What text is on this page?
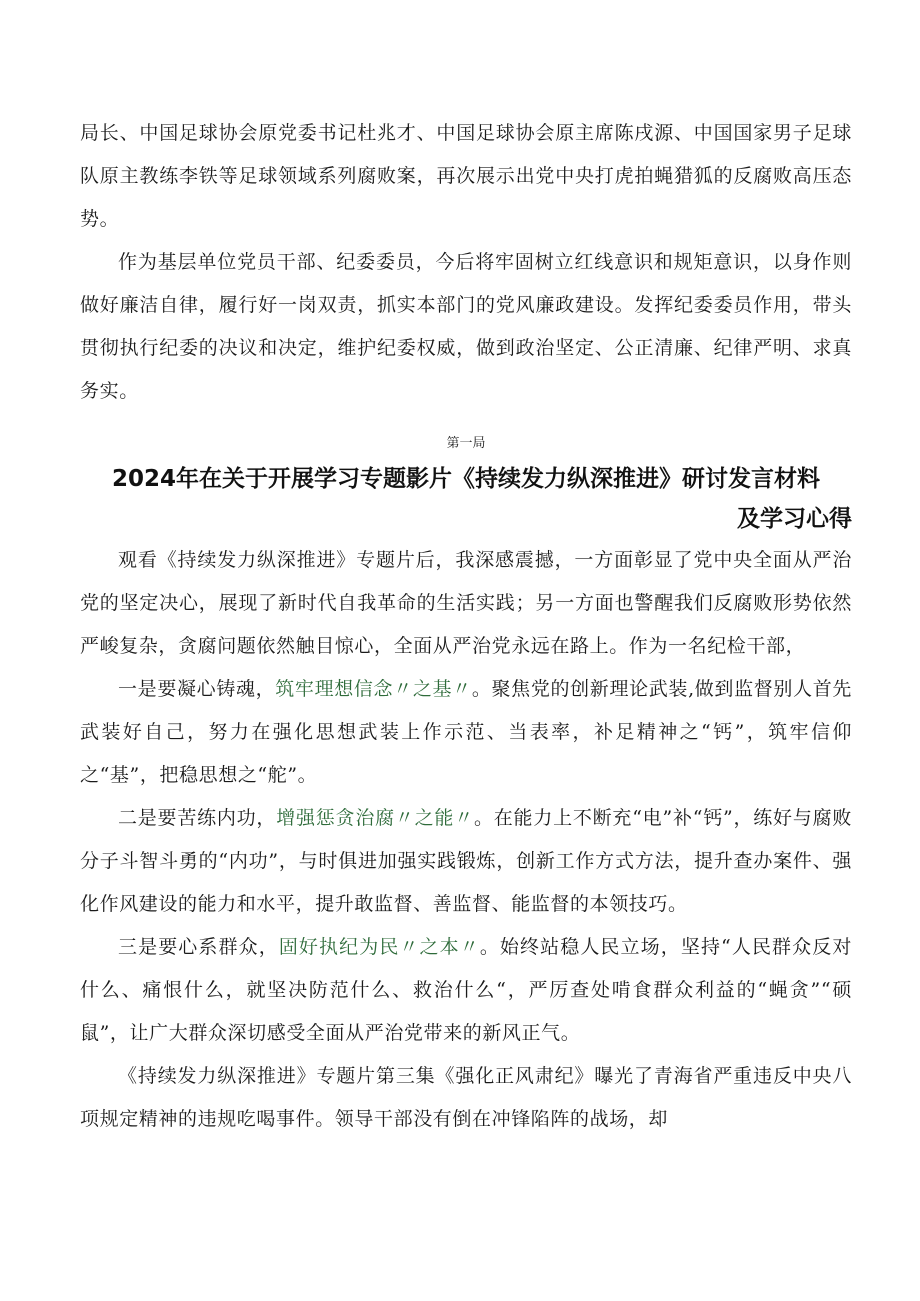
局长、中国足球协会原党委书记杜兆才、中国足球协会原主席陈戌源、中国国家男子足球队原主教练李铁等足球领域系列腐败案，再次展示出党中央打虎拍蝇猎狐的反腐败高压态势。

作为基层单位党员干部、纪委委员，今后将牢固树立红线意识和规矩意识，以身作则做好廉洁自律，履行好一岗双责，抓实本部门的党风廉政建设。发挥纪委委员作用，带头贯彻执行纪委的决议和决定，维护纪委权威，做到政治坚定、公正清廉、纪律严明、求真务实。

第一局
2024年在关于开展学习专题影片《持续发力纵深推进》研讨发言材料
及学习心得

观看《持续发力纵深推进》专题片后，我深感震撼，一方面彰显了党中央全面从严治党的坚定决心，展现了新时代自我革命的生活实践；另一方面也警醒我们反腐败形势依然严峻复杂，贪腐问题依然触目惊心，全面从严治党永远在路上。作为一名纪检干部，

一是要凝心铸魂，筑牢理想信念〃之基〃。聚焦党的创新理论武装,做到监督别人首先武装好自己，努力在强化思想武装上作示范、当表率，补足精神之“钙”，筑牢信仰之“基”，把稳思想之“舵”。

二是要苦练内功，增强惩贪治腐〃之能〃。在能力上不断充“电”补“钙”，练好与腐败分子斗智斗勇的“内功”，与时俱进加强实践锻炼，创新工作方式方法，提升查办案件、强化作风建设的能力和水平，提升敢监督、善监督、能监督的本领技巧。

三是要心系群众，固好执纪为民〃之本〃。始终站稳人民立场，坚持“人民群众反对什么、痛恨什么，就坚决防范什么、救治什么“，严厉查处啃食群众利益的“蝇贪”“硕鼠”，让广大群众深切感受全面从严治党带来的新风正气。

《持续发力纵深推进》专题片第三集《强化正风肃纪》曝光了青海省严重违反中央八项规定精神的违规吃喝事件。领导干部没有倒在冲锋陷阵的战场，却
